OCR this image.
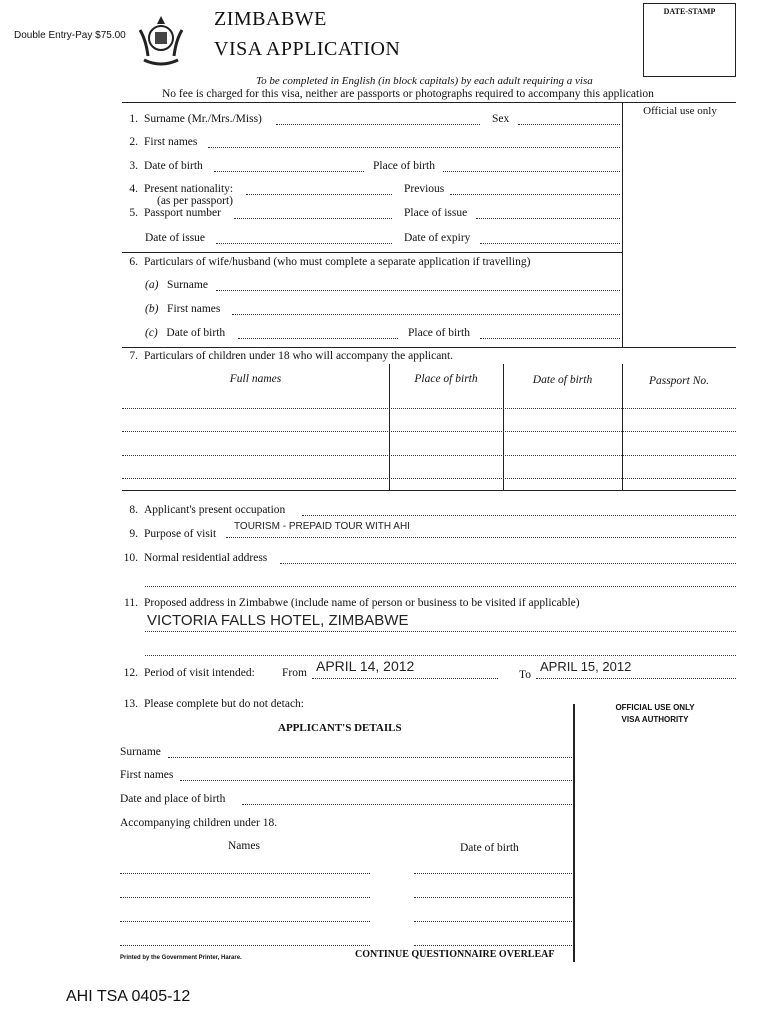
Double Entry-Pay $75.00
ZIMBABWE
VISA APPLICATION
DATE-STAMP
To be completed in English (in block capitals) by each adult requiring a visa
No fee is charged for this visa, neither are passports or photographs required to accompany this application
Official use only
1. Surname (Mr./Mrs./Miss)	Sex
2. First names
3. Date of birth	Place of birth
4. Present nationality:
(as per passport)
Previous
5. Passport number	Place of issue
Date of issue	Date of expiry
6. Particulars of wife/husband (who must complete a separate application if travelling)
(a) Surname
(b) First names
(c) Date of birth	Place of birth
7. Particulars of children under 18 who will accompany the applicant.
Full names	Place of birth	Date of birth	Passport No.
8. Applicant's present occupation
9. Purpose of visit
TOURISM - PREPAID TOUR WITH AHI
10. Normal residential address
11. Proposed address in Zimbabwe (include name of person or business to be visited if applicable)
VICTORIA FALLS HOTEL, ZIMBABWE
12. Period of visit intended: From APRIL 14, 2012
To
APRIL 15, 2012
13. Please complete but do not detach:	OFFICIAL USE ONLY
VISA AUTHORITY
APPLICANT'S DETAILS
Surname
First names
Date and place of birth
Accompanying children under 18.
Names	Date of birth
Printed by the Government Printer, Harare.	CONTINUE QUESTIONNAIRE OVERLEAF
AHI TSA 0405-12
